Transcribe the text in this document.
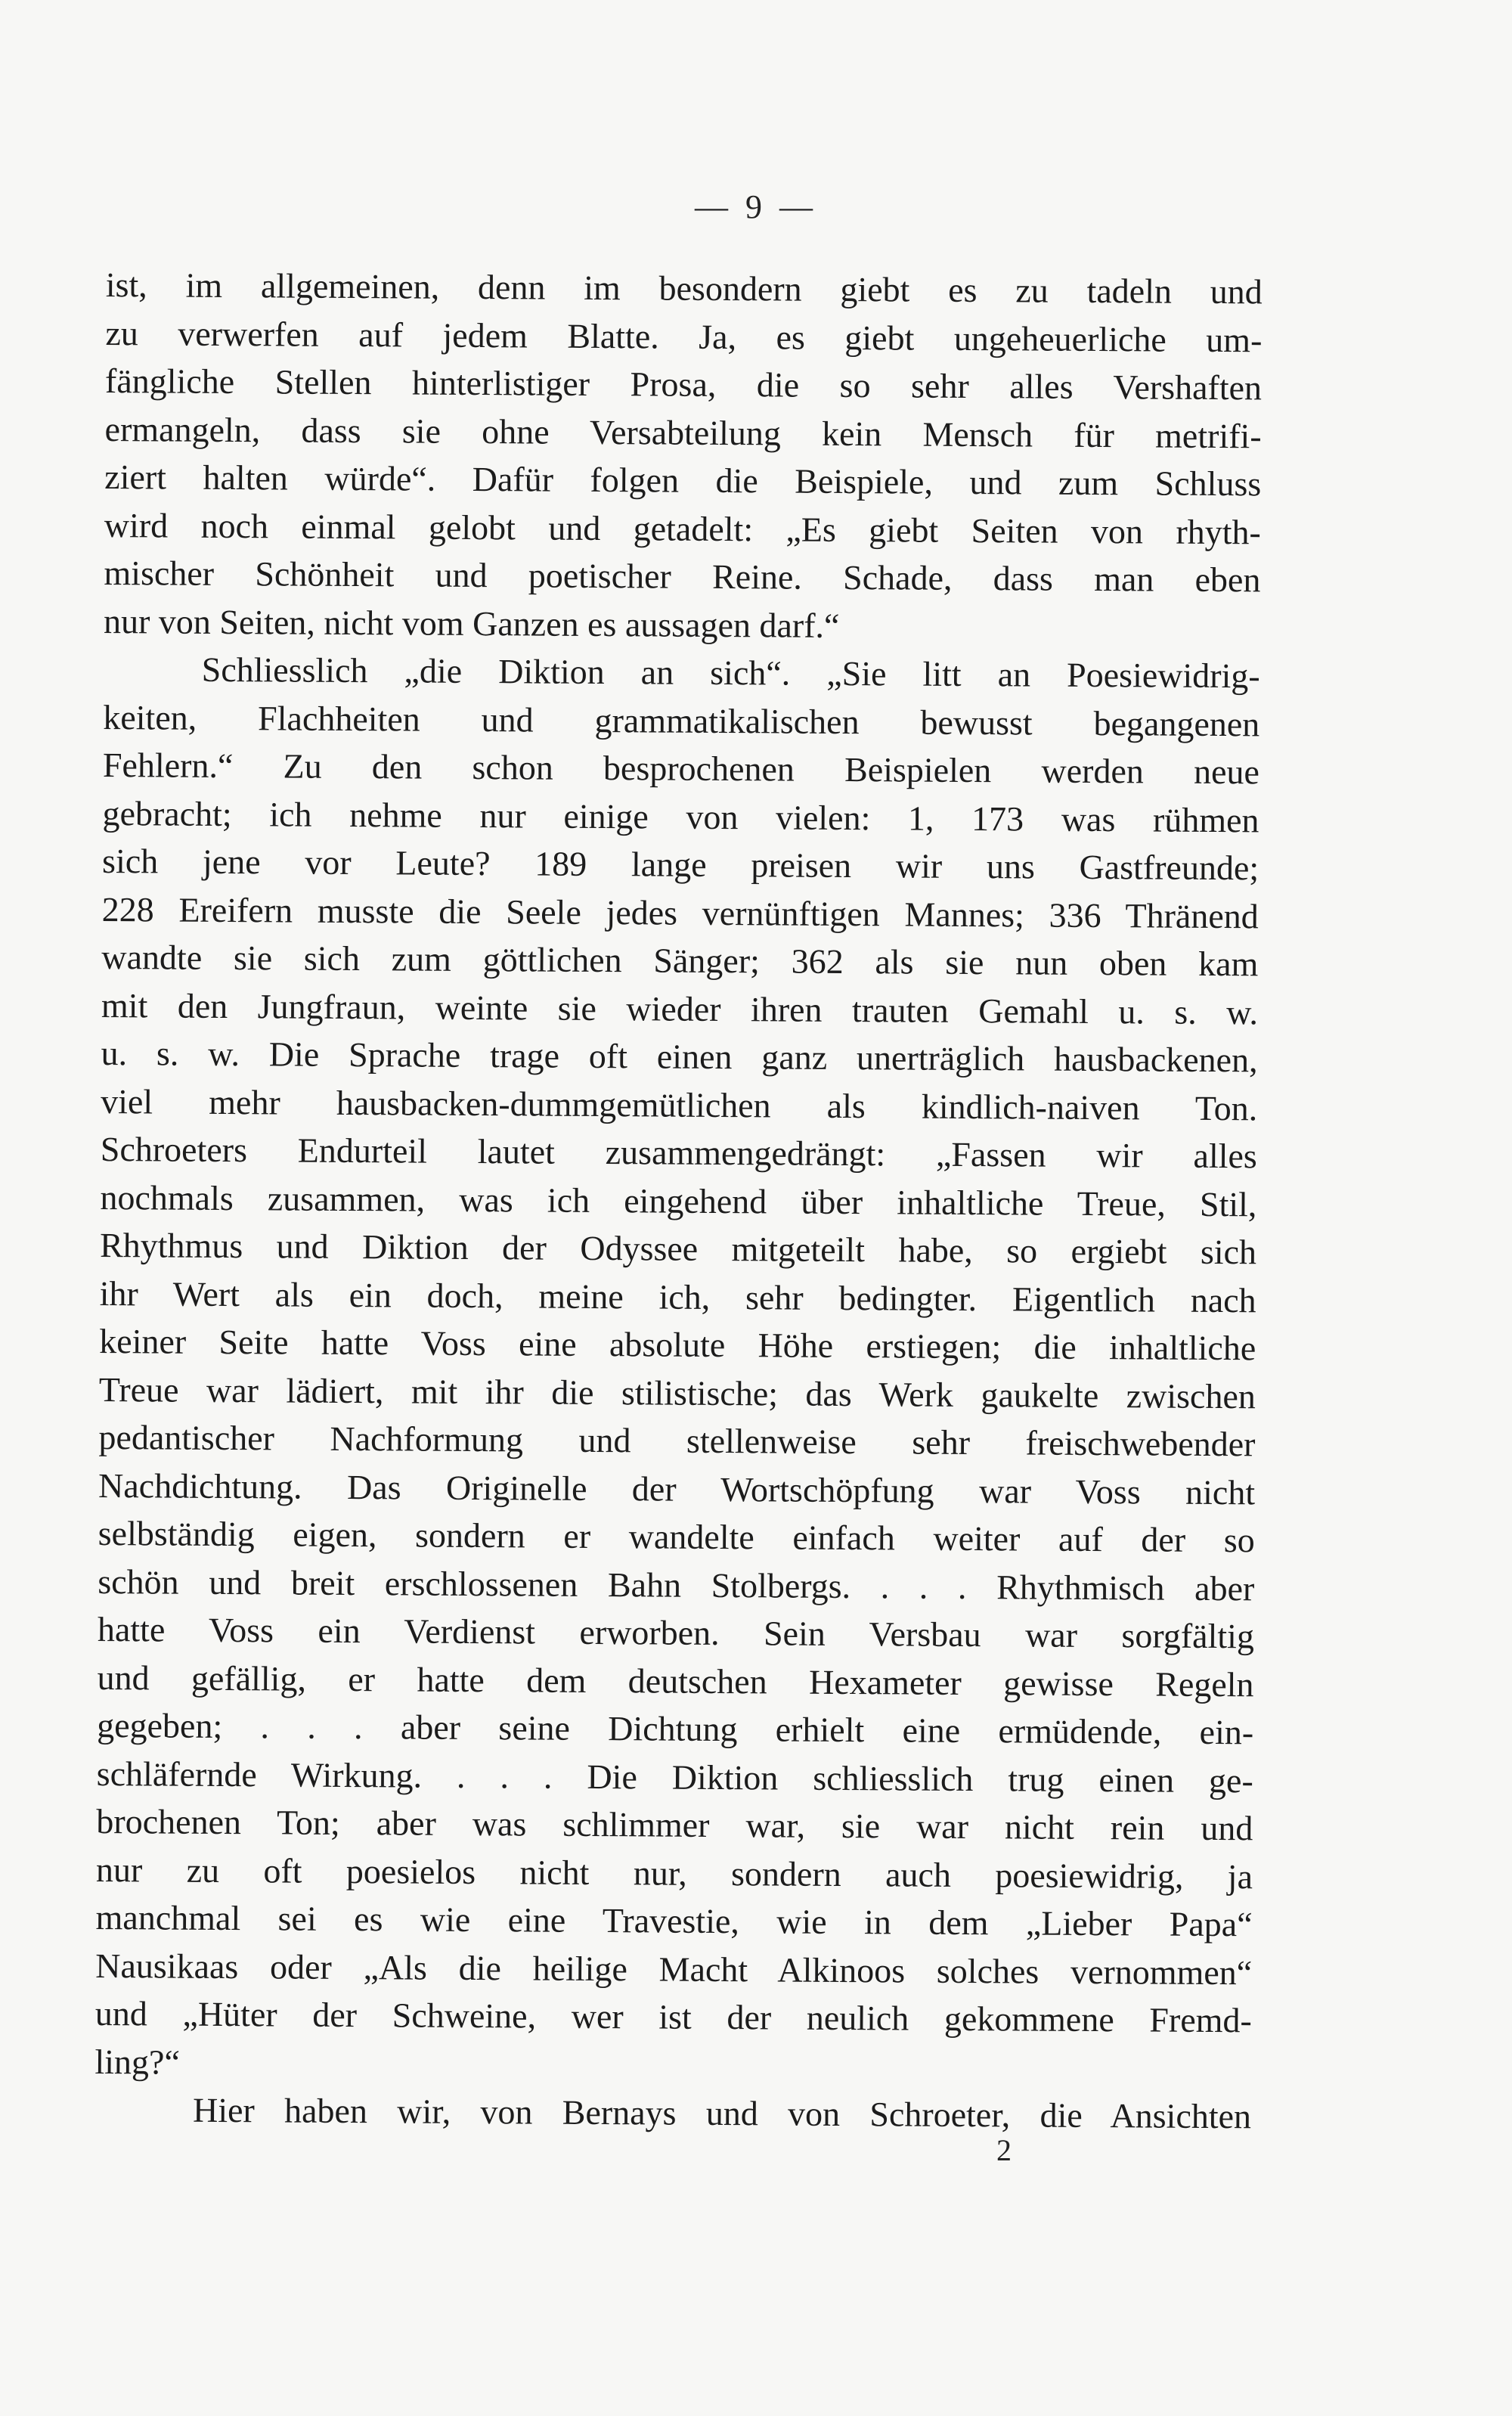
— 9 —
ist, im allgemeinen, denn im besondern giebt es zu tadeln und
zu verwerfen auf jedem Blatte. Ja, es giebt ungeheuerliche um-
fängliche Stellen hinterlistiger Prosa, die so sehr alles Vershaften
ermangeln, dass sie ohne Versabteilung kein Mensch für metrifi-
ziert halten würde“. Dafür folgen die Beispiele, und zum Schluss
wird noch einmal gelobt und getadelt: „Es giebt Seiten von rhyth-
mischer Schönheit und poetischer Reine. Schade, dass man eben
nur von Seiten, nicht vom Ganzen es aussagen darf.“
Schliesslich „die Diktion an sich“. „Sie litt an Poesiewidrig-
keiten, Flachheiten und grammatikalischen bewusst begangenen
Fehlern.“ Zu den schon besprochenen Beispielen werden neue
gebracht; ich nehme nur einige von vielen: 1, 173 was rühmen
sich jene vor Leute? 189 lange preisen wir uns Gastfreunde;
228 Ereifern musste die Seele jedes vernünftigen Mannes; 336 Thränend
wandte sie sich zum göttlichen Sänger; 362 als sie nun oben kam
mit den Jungfraun, weinte sie wieder ihren trauten Gemahl u. s. w.
u. s. w. Die Sprache trage oft einen ganz unerträglich hausbackenen,
viel mehr hausbacken-dummgemütlichen als kindlich-naiven Ton.
Schroeters Endurteil lautet zusammengedrängt: „Fassen wir alles
nochmals zusammen, was ich eingehend über inhaltliche Treue, Stil,
Rhythmus und Diktion der Odyssee mitgeteilt habe, so ergiebt sich
ihr Wert als ein doch, meine ich, sehr bedingter. Eigentlich nach
keiner Seite hatte Voss eine absolute Höhe erstiegen; die inhaltliche
Treue war lädiert, mit ihr die stilistische; das Werk gaukelte zwischen
pedantischer Nachformung und stellenweise sehr freischwebender
Nachdichtung. Das Originelle der Wortschöpfung war Voss nicht
selbständig eigen, sondern er wandelte einfach weiter auf der so
schön und breit erschlossenen Bahn Stolbergs. . . . Rhythmisch aber
hatte Voss ein Verdienst erworben. Sein Versbau war sorgfältig
und gefällig, er hatte dem deutschen Hexameter gewisse Regeln
gegeben; . . . aber seine Dichtung erhielt eine ermüdende, ein-
schläfernde Wirkung. . . . Die Diktion schliesslich trug einen ge-
brochenen Ton; aber was schlimmer war, sie war nicht rein und
nur zu oft poesielos nicht nur, sondern auch poesiewidrig, ja
manchmal sei es wie eine Travestie, wie in dem „Lieber Papa“
Nausikaas oder „Als die heilige Macht Alkinoos solches vernommen“
und „Hüter der Schweine, wer ist der neulich gekommene Fremd-
ling?“
Hier haben wir, von Bernays und von Schroeter, die Ansichten
2
